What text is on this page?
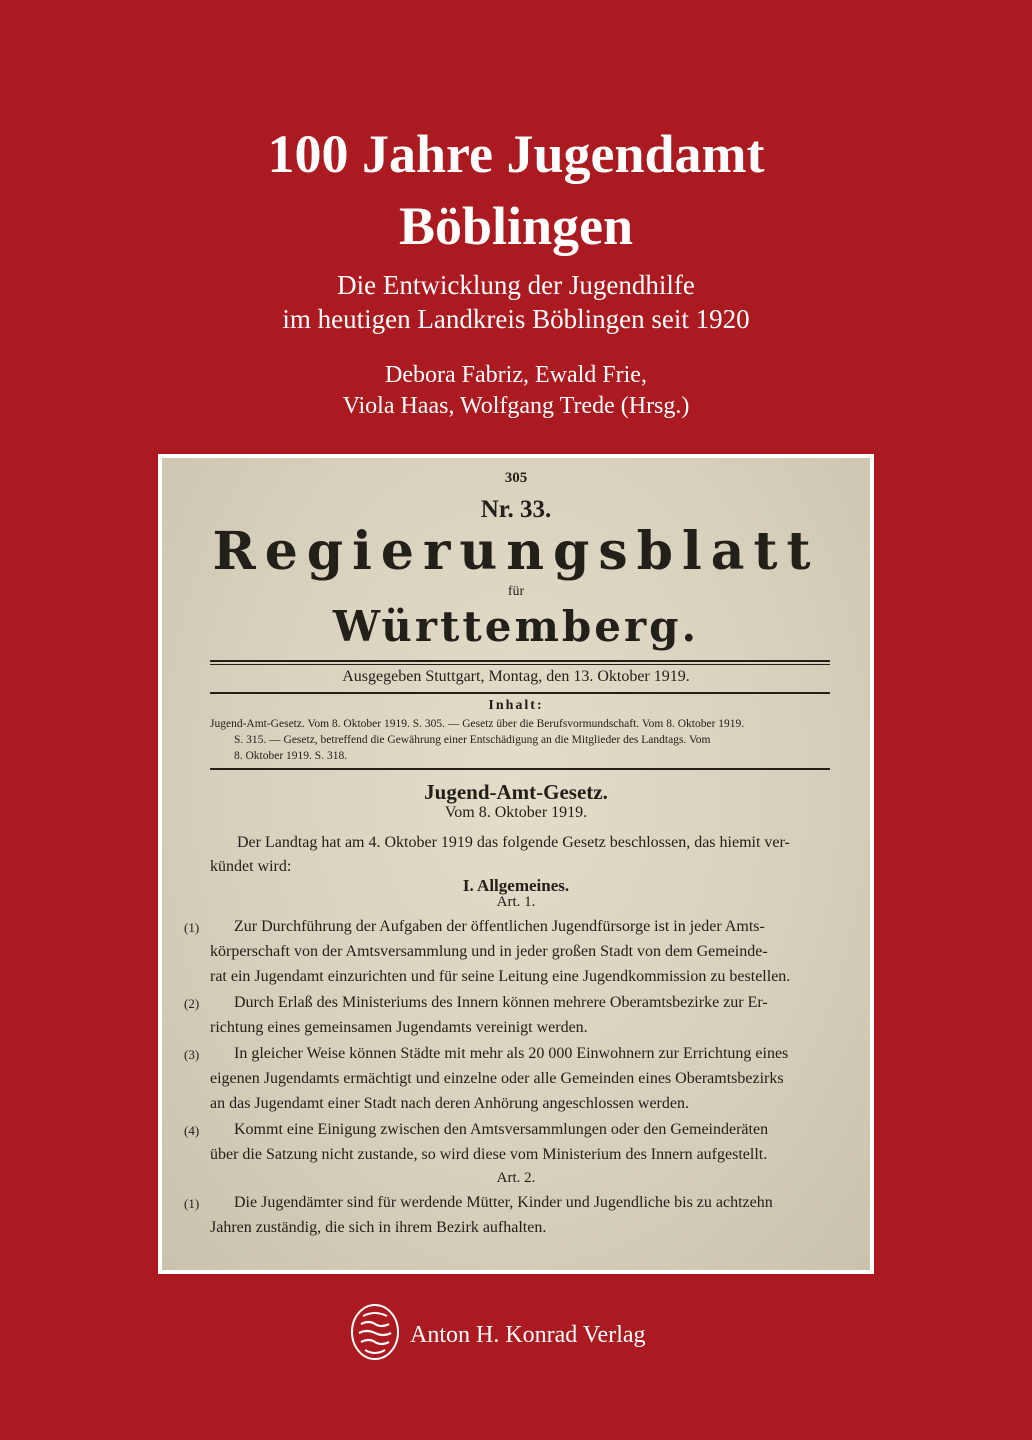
100 Jahre Jugendamt
Böblingen
Die Entwicklung der Jugendhilfe
im heutigen Landkreis Böblingen seit 1920
Debora Fabriz, Ewald Frie,
Viola Haas, Wolfgang Trede (Hrsg.)
305
Nr. 33.
Regierungsblatt
für
Württemberg.
Ausgegeben Stuttgart, Montag, den 13. Oktober 1919.
Inhalt:
Jugend-Amt-Gesetz. Vom 8. Oktober 1919. S. 305. — Gesetz über die Berufsvormundschaft. Vom 8. Oktober 1919.
S. 315. — Gesetz, betreffend die Gewährung einer Entschädigung an die Mitglieder des Landtags. Vom
8. Oktober 1919. S. 318.
Jugend-Amt-Gesetz.
Vom 8. Oktober 1919.
Der Landtag hat am 4. Oktober 1919 das folgende Gesetz beschlossen, das hiemit ver-
kündet wird:
I. Allgemeines.
Art. 1.
(1) Zur Durchführung der Aufgaben der öffentlichen Jugendfürsorge ist in jeder Amts-
körperschaft von der Amtsversammlung und in jeder großen Stadt von dem Gemeinde-
rat ein Jugendamt einzurichten und für seine Leitung eine Jugendkommission zu bestellen.
(2) Durch Erlaß des Ministeriums des Innern können mehrere Oberamtsbezirke zur Er-
richtung eines gemeinsamen Jugendamts vereinigt werden.
(3) In gleicher Weise können Städte mit mehr als 20 000 Einwohnern zur Errichtung eines
eigenen Jugendamts ermächtigt und einzelne oder alle Gemeinden eines Oberamtsbezirks
an das Jugendamt einer Stadt nach deren Anhörung angeschlossen werden.
(4) Kommt eine Einigung zwischen den Amtsversammlungen oder den Gemeinderäten
über die Satzung nicht zustande, so wird diese vom Ministerium des Innern aufgestellt.
Art. 2.
(1) Die Jugendämter sind für werdende Mütter, Kinder und Jugendliche bis zu achtzehn
Jahren zuständig, die sich in ihrem Bezirk aufhalten.
Anton H. Konrad Verlag
